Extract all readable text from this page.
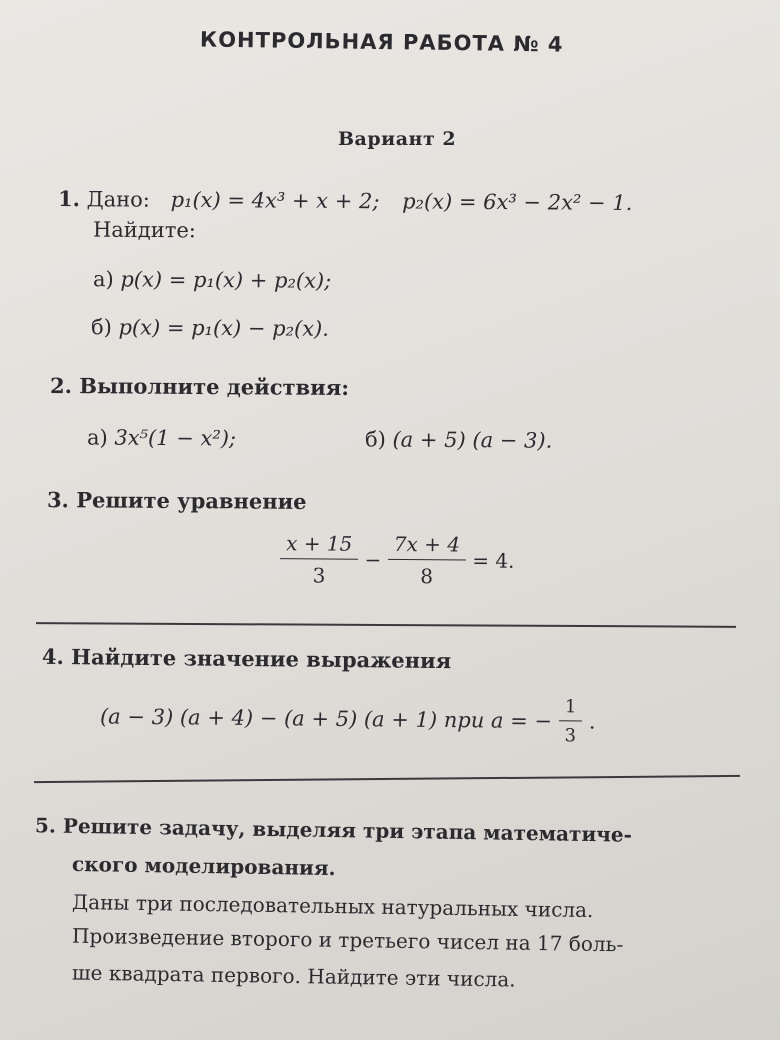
КОНТРОЛЬНАЯ РАБОТА № 4
Вариант 2
1. Дано: p₁(x) = 4x³ + x + 2; p₂(x) = 6x³ − 2x² − 1.
Найдите:
а) p(x) = p₁(x) + p₂(x);
б) p(x) = p₁(x) − p₂(x).
2. Выполните действия:
а) 3x⁵(1 − x²);	б) (a + 5) (a − 3).
3. Решите уравнение
$\frac{x + 15}{3} - \frac{7x + 4}{8} = 4$.
4. Найдите значение выражения
(a − 3) (a + 4) − (a + 5) (a + 1) при a = − $\frac{1}{3}$ .
5. Решите задачу, выделяя три этапа математиче-
ского моделирования.
Даны три последовательных натуральных числа.
Произведение второго и третьего чисел на 17 боль-
ше квадрата первого. Найдите эти числа.
